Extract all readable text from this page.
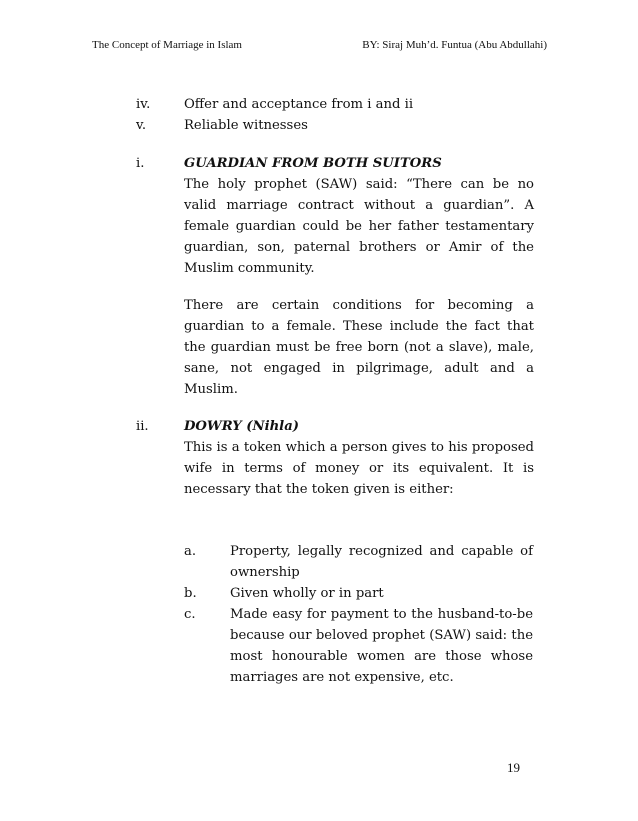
The Concept of Marriage in Islam	BY: Siraj Muh’d. Funtua (Abu Abdullahi)
iv.	Offer and acceptance from i and ii
v.	Reliable witnesses
i.	GUARDIAN FROM BOTH SUITORS
The holy prophet (SAW) said: “There can be no valid marriage contract without a guardian”. A female guardian could be her father testamentary guardian, son, paternal brothers or Amir of the Muslim community.
There are certain conditions for becoming a guardian to a female. These include the fact that the guardian must be free born (not a slave), male, sane, not engaged in pilgrimage, adult and a Muslim.
ii.	DOWRY (Nihla)
This is a token which a person gives to his proposed wife in terms of money or its equivalent. It is necessary that the token given is either:
a.	Property, legally recognized and capable of ownership
b.	Given wholly or in part
c.	Made easy for payment to the husband-to-be because our beloved prophet (SAW) said: the most honourable women are those whose marriages are not expensive, etc.
19
